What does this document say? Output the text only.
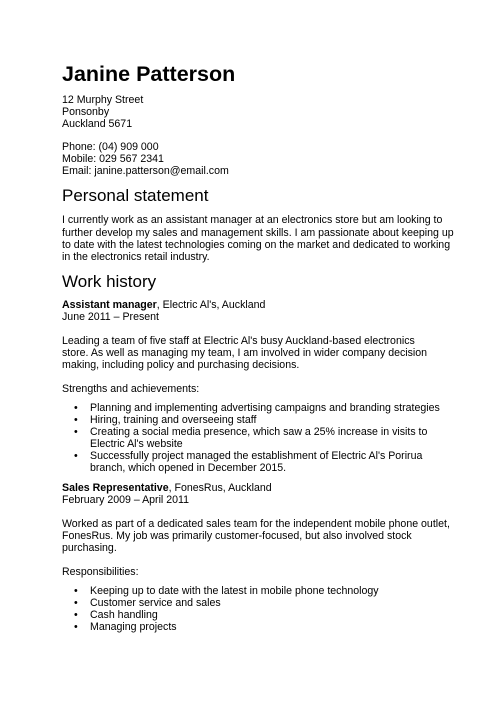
Janine Patterson
12 Murphy Street
Ponsonby
Auckland 5671
Phone: (04) 909 000
Mobile: 029 567 2341
Email: janine.patterson@email.com
Personal statement
I currently work as an assistant manager at an electronics store but am looking to
further develop my sales and management skills. I am passionate about keeping up
to date with the latest technologies coming on the market and dedicated to working
in the electronics retail industry.
Work history
Assistant manager, Electric Al's, Auckland
June 2011 – Present
Leading a team of five staff at Electric Al's busy Auckland-based electronics
store. As well as managing my team, I am involved in wider company decision
making, including policy and purchasing decisions.
Strengths and achievements:
• Planning and implementing advertising campaigns and branding strategies
• Hiring, training and overseeing staff
• Creating a social media presence, which saw a 25% increase in visits to
Electric Al's website
• Successfully project managed the establishment of Electric Al's Porirua
branch, which opened in December 2015.
Sales Representative, FonesRus, Auckland
February 2009 – April 2011
Worked as part of a dedicated sales team for the independent mobile phone outlet,
FonesRus. My job was primarily customer-focused, but also involved stock
purchasing.
Responsibilities:
• Keeping up to date with the latest in mobile phone technology
• Customer service and sales
• Cash handling
• Managing projects
